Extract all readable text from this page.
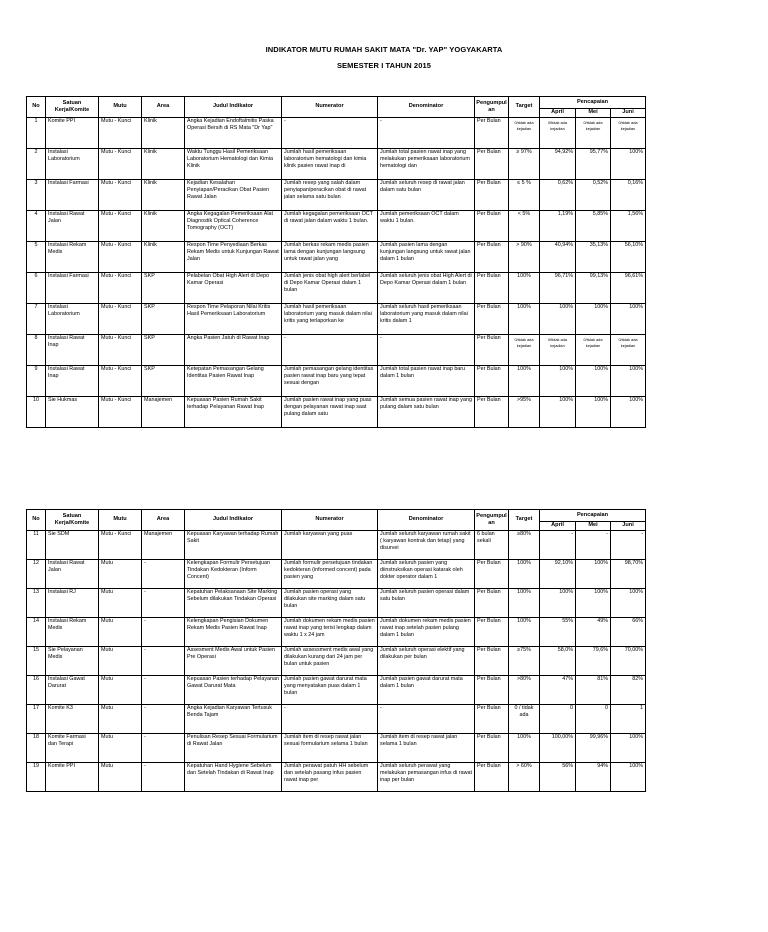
INDIKATOR MUTU RUMAH SAKIT MATA "Dr. YAP" YOGYAKARTA
SEMESTER I TAHUN 2015
No	Satuan Kerja/Komite	Mutu	Area	Judul Indikator	Numerator	Denominator	Pengumpul an	Target	Pencapaian		
									April	Mei	Juni

1	Komite PPI	Mutu - Kunci	Klinik	Angka Kejadian Endoftalmitis Paska Operasi Bersih di RS Mata "Dr Yap"	-	-	Per Bulan	0/tidak ada kejadian	0/tidak ada kejadian	0/tidak ada kejadian	0/tidak ada kejadian

2	Instalasi Laboratorium	Mutu - Kunci	Klinik	Waktu Tunggu Hasil Pemeriksaan Laboratorium Hematologi dan Kimia Klinik	Jumlah hasil pemeriksaan laboratorium hematologi dan kimia klinik pasien rawat inap di	Jumlah total pasien rawat inap yang melakukan pemeriksaan laboratorium hematologi dan	Per Bulan	≥ 97%	94,92%	95,77%	100%

3	Instalasi Farmasi	Mutu - Kunci	Klinik	Kejadian Kesalahan Penyiapan/Peracikan Obat Pasien Rawat Jalan	Jumlah resep yang salah dalam penyiapan/peracikan obat di rawat jalan selama satu bulan	Jumlah seluruh resep di rawat jalan dalam satu bulan	Per Bulan	≤ 5 %	0,62%	0,52%	0,16%

4	Instalasi Rawat Jalan	Mutu - Kunci	Klinik	Angka Kegagalan Pemeriksaan Alat Diagnostik Optical Coherence Tomography (OCT)	Jumlah kegagalan pemeriksaan OCT di rawat jalan dalam waktu 1 bulan.	Jumlah pemeriksaan OCT dalam waktu 1 bulan.	Per Bulan	< 5%	1,19%	5,85%	1,56%

5	Instalasi Rekam Medis	Mutu - Kunci	Klinik	Respon Time Penyediaan Berkas Rekam Medis untuk Kunjungan Rawat Jalan	Jumlah berkas rekam medis pasien lama dengan kunjungan langsung untuk rawat jalan yang	Jumlah pasien lama dengan kunjungan langsung untuk rawat jalan dalam 1 bulan	Per Bulan	> 90%	40,94%	35,13%	56,10%

6	Instalasi Farmasi	Mutu - Kunci	SKP	Pelabelan Obat High Alert di Depo Kamar Operasi	Jumlah jenis obat high alert berlabel di Depo Kamar Operasi dalam 1 bulan	Jumlah seluruh jenis obat High Alert di Depo Kamar Operasi dalam 1 bulan	Per Bulan	100%	96,71%	99,13%	96,61%

7	Instalasi Laboratorium	Mutu - Kunci	SKP	Respon Time Pelaporan Nilai Kritis Hasil Pemeriksaan Laboratorium	Jumlah hasil pemeriksaan laboratorium yang masuk dalam nilai kritis yang terlaporkan ke	Jumlah seluruh hasil pemeriksaan laboratorium yang masuk dalam nilai kritis dalam 1	Per Bulan	100%	100%	100%	100%

8	Instalasi Rawat Inap	Mutu - Kunci	SKP	Angka Pasien Jatuh di Rawat Inap	-	-	Per Bulan	0/tidak ada kejadian	0/tidak ada kejadian	0/tidak ada kejadian	0/tidak ada kejadian

9	Instalasi Rawat Inap	Mutu - Kunci	SKP	Ketepatan Pemasangan Gelang Identitas Pasien Rawat Inap	Jumlah pemasangan gelang identitas pasien rawat inap baru yang tepat sesuai dengan	Jumlah total pasien rawat inap baru dalam 1 bulan	Per Bulan	100%	100%	100%	100%

10	Sie Hukmas	Mutu - Kunci	Manajemen	Kepuasan Pasien Rumah Sakit terhadap Pelayanan Rawat Inap	Jumlah pasien rawat inap yang puas dengan pelayanan rawat inap saat pulang dalam satu	Jumlah semua pasien rawat inap yang pulang dalam satu bulan	Per Bulan	>95%	100%	100%	100%
No	Satuan Kerja/Komite	Mutu	Area	Judul Indikator	Numerator	Denominator	Pengumpul an	Target	Pencapaian		
									April	Mei	Juni

11	Sie SDM	Mutu - Kunci	Manajemen	Kepuasan Karyawan terhadap Rumah Sakit	Jumlah karyawan yang puas	Jumlah seluruh karyawan rumah sakit ( karyawan kontrak dan tetap) yang disurvei	6 bulan sekali	≥80%	-	-	-

12	Instalasi Rawat Jalan	Mutu	-	Kelengkapan Formulir Persetujuan Tindakan Kedokteran (Inform Concent)	Jumlah formulir persetujuan tindakan kedokteran (informed concent) pada pasien yang	Jumlah seluruh pasien yang diinstruksikan operasi katarak oleh dokter operator dalam 1	Per Bulan	100%	92,10%	100%	98,70%

13	Instalasi RJ	Mutu	-	Kepatuhan Pelaksanaan Site Marking Sebelum dilakukan Tindakan Operasi	Jumlah pasien operasi yang dilakukan site marking dalam satu bulan	Jumlah seluruh pasien operasi dalam satu bulan	Per Bulan	100%	100%	100%	100%

14	Instalasi Rekam Medis	Mutu	-	Kelengkapan Pengisian Dokumen Rekam Medis Pasien Rawat Inap	Jumlah dokumen rekam medis pasien rawat inap yang terisi lengkap dalam waktu 1 x 24 jam	Jumlah dokumen rekam medis pasien rawat inap setelah pasien pulang dalam 1 bulan	Per Bulan	100%	55%	49%	66%

15	Sie Pelayanan Medis	Mutu	-	Assesment Medis Awal untuk Pasien Pre Operasi	Jumlah assessment medis awal yang dilakukan kurang dari 24 jam per bulan untuk pasien	Jumlah seluruh operasi elektif yang dilakukan per bulan	Per Bulan	≥75%	58,0%	79,6%	70,00%

16	Instalasi Gawat Darurat	Mutu	-	Kepuasan Pasien terhadap Pelayanan Gawat Darurat Mata	Jumlah pasien gawat darurat mata yang menyatakan puas dalam 1 bulan	Jumlah pasien gawat darurat mata dalam 1 bulan	Per Bulan	>80%	47%	81%	82%

17	Komite K3	Mutu	-	Angka Kejadian Karyawan Tertusuk Benda Tajam	-	-	Per Bulan	0 / tidak ada	0	0	1

18	Komite Farmasi dan Terapi	Mutu	-	Penulisan Resep Sesuai Formularium di Rawat Jalan	Jumlah item di resep rawat jalan sesuai formularium selama 1 bulan	Jumlah item di resep rawat jalan selama 1 bulan	Per Bulan	100%	100,00%	99,96%	100%

19	Komite PPI	Mutu	-	Kepatuhan Hand Hygiene Sebelum dan Setelah Tindakan di Rawat Inap	Jumlah perawat patuh HH sebelum dan setelah pasang infus pasien rawat inap per	Jumlah seluruh perawat yang melakukan pemasangan infus di rawat inap per bulan	Per Bulan	> 60%	56%	94%	100%
